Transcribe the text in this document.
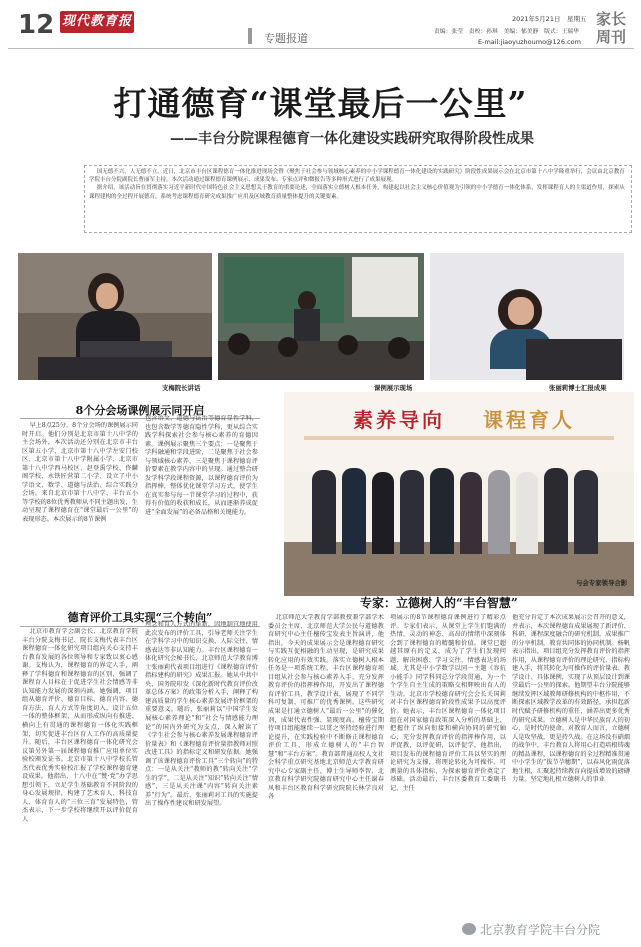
12 现代教育报
专题报道
2021年5月21日　星期五
责编：张莹　责校：孙琪　美编：郁美静　版式：王瑞华
E-mail:jiaoyuzhoumo@126.com
家长
周刊
打通德育“课堂最后一公里”
——丰台分院课程德育一体化建设实践研究取得阶段性成果
国无德不兴，人无德不立。近日，北京市丰台区课程德育一体化推进现场会暨《聚焦于社会参与领域核心素养的中小学课程德育一体化建设的实践研究》阶段性成果展示会在北京市第十八中学隆重举行，会议由北京教育学院丰台分院副院长曹丽军主持，本次活动通过课程德育课例展示、成果发布、专家点评和微报告等多种形式进行了成果展现。
据介绍，该活动旨在贯彻落实习近平新时代中国特色社会主义思想关于教育的重要论述，全面落实立德树人根本任务，构建起以社会主义核心价值观为引领的中小学德育一体化体系，发挥课程育人的主渠道作用，探索从课程建构的全过程开展德育，系统考虑课程德育研究成果推广应用及区域教育质量整体提升的关键要素。
支梅院长讲话	课例展示现场	张丽莉博士汇报成果
8个分会场课例展示同开启

早上8点25分，8个分会场的课例展示同时开启。他们分别是北京市第十八中学的主会场外，本次活动还分别在北京市丰台区第五小学、北京市第十八中学左安门校区、北京市第十八中学附属小学、北京市第十八中学西马校区、赵登禹学校、佟麟阁学校、永铁匠营第二小学、设立了中小学语文、数学、道德与法治、综合实践分会场。来自北京市第十八中学、丰台五小等学校的8位优秀教师从不同主题出发，生动呈现了课程德育在“课堂最后一公里”的表现形态。本次展示的8节课例

包含语文、道德与法治等德育显性学科，也包含数学等德育隐性学科，更从综合实践学科探索社会参与核心素养的育德因素。课例展示聚焦三个要点：一是聚焦于学科融通和学段进阶，二是聚焦于社会参与领域核心素养，三是聚焦于课程德育评价要素在教学内容中的呈现。通过整合研发学科学段课程资源，以课程德育评价为指挥棒，整体优化课堂学习方式，使学生在真实参与每一节课堂学习的过程中，获得有价值的收获和成长，从而逐渐养成促进“全面发展”的必备品格和关键能力。

素养导向 课程育人
与会专家领导合影
德育评价工具实现“三个转向”

北京市教育学会副会长、北京教育学院丰台分院支梅书记、院长支梅代表丰台区课程德育一体化研究项目组向关心支持丰台教育发展的各位领导和专家致以衷心感谢。支梅认为，课程德育的界定人手，阐释了学科德育和课程德育的区别，强调了课程育人目标在于促进学生社会情感等非认知能力发展的深刻内涵。她强调，项目组从德育评价、德育目标、德育内容、德育方法、育人方式等角度切入，设计五位一体的整体框架，从而形成纵向有推进、横向上有贯通的课程德育一体化实践框架，切实促进丰台区育人工作的高质量提升。随后，丰台区课程德育一体化研究会议第另外第一届课程德育推广应用单位实验校颁发证书。北京市第十八中学校长管杰代表优秀实验校汇报了学校课程德育建设成果。他指出，十八中在“赞·党”办学思想引领下，立足学生基础教育不同阶段的身心发展规律，构建了艺术育人、科技育人、体育育人的“三位三育”发展特色，管杰表示，下一步学校将继续开以评价促育人

理念和育人方式的革新，因地制宜地使用此次发布的评价工具，引导老师关注学生在学科学习中的知识交换、人际交往、情感表达等非认知能力。丰台区课程德育一体化研究会秘书长、北京师范大学教育博士张丽莉代表项目组进行《课程德育评价指标建构的研究》成果汇报。她从中共中央、国务院印发《深化新时代教育评价改革总体方案》的政策分析入手，阐释了构建高质量的学生核心素养发展评价框架的重要意义。随后，张丽莉以“中国学生发展核心素养理论”和“社会与情感能力理论”的国内外研究为支点，深入解读了《学生社会参与核心素养发展课程德育评价量表》和《课程德育评价量指教师对照改进工具》的指标定义和研发依据。她强调了该课程德育评价工具“三个转向”的特点：一是从关注“教师的教”转向关注“学生的学”，二是从关注“知识”转向关注“情感”，三是从关注课“内容”转向关注素养“行为”。最后，张丽莉对工具的实施提出了操作性建议和研发展望。

专家：立德树人的“丰台智慧”

北京师范大学教育学部教授兼学部学术委员会主席、北京师范大学公民与道德教育研究中心主任檀传宝发表主旨演讲，他指出，今天的成果展示会是课程德育研究与实践互促相融的生动呈现，是研究成果转化应用的有效实践。落实立德树人根本任务是一项系统工程，丰台区课程德育项目组从社会参与核心素养入手，充分发挥教育评价的指挥棒作用，开发出了课程德育评价工具，教学设计表，展现了不同学科可复制、可推广的优秀课例。这些研究成果是打通立德树人“最后一公里”的催化剂，成果代表性强、显现度高。檀传宝期待项目组能继续一以贯之坚持经验进行理论提升，在实践检验中不断修正课程德育评价工具，形成立德树人的“丰台智慧”和“丰台方案”。教育部普通高校人文社会科学重点研究基地北京师范大学教育研究中心专家副主任、博士生导师李智、北京教育科学研究院德育研究中心主任谢春风和丰台区教育科学研究院院长林学良对各

项展示的8节课程德育课例进行了精彩点评。专家们表示，从课堂上学生们饱满的热情、灵动的神态、高昂的情绪中深刻体会到了课程德育的精髓和价值。课堂已超越其原有的定义，成为了学生们发现问题、解决困惑、学习交往、情感表达的场域。尤其是中小学数学以同一主题《容抗小能手》同学科同总分学段贯通，为一个个学生自主生成的策略交相辉映出育人的生动。北京市学校德育研究会会长关国莉对丰台区课程德育阶段性成果予以高度评价。她表示，丰台区课程德育一体化项目组在对国家德育政策深入分析的基础上，把握住了纵向衔接和横向协同的研究轴心，充分发挥教育评价的指挥棒作用，以评促教，以评促研，以评促学，他指出，项目发布的课程德育评价工具以坚实的理论研究为支撑，将理论转化为可操作、可测量的具体指标，为探索德育评价奠定了基础。活动最后，丰台区委教育工委副书记、主任

他充分肯定了本次成果展示会召开的意义，并表示，本次课程德育成果展现了新评价、科研、课程深度融合的研究机制，成果推广的分享机制，教育共同体的协同机制。杨帆表示指出，项目组充分发挥教育评价的指挥作用，从课程德育评价的理论研究、指标构建入手，将其转化为可操作的评价量表、教学设计、具体课例，实现了从顶层设计到课堂最后一公里的探索。他期望丰台分院能够继续发挥区域教师研修机构的中枢作用，不断探索区域教学改革的有效路径，承担起新时代赋予研修机构的重任，涵养出更多优秀的研究成果。立德树人是中华民族育人的初心，是时代的使命。对教育人而言，立德树人是攻坚战，更是持久战。在这场没有硝烟的战争中，丰台教育人将用心打造培根铸魂的精品课程，以课程德育的全过程精准贯通中小学生的“拔节孕穗期”，以春风化雨促落地生根，汇聚起持续教育向提质增效的磅礴力量。坚定地扎根立德树人的事业

北京教育学院丰台分院
